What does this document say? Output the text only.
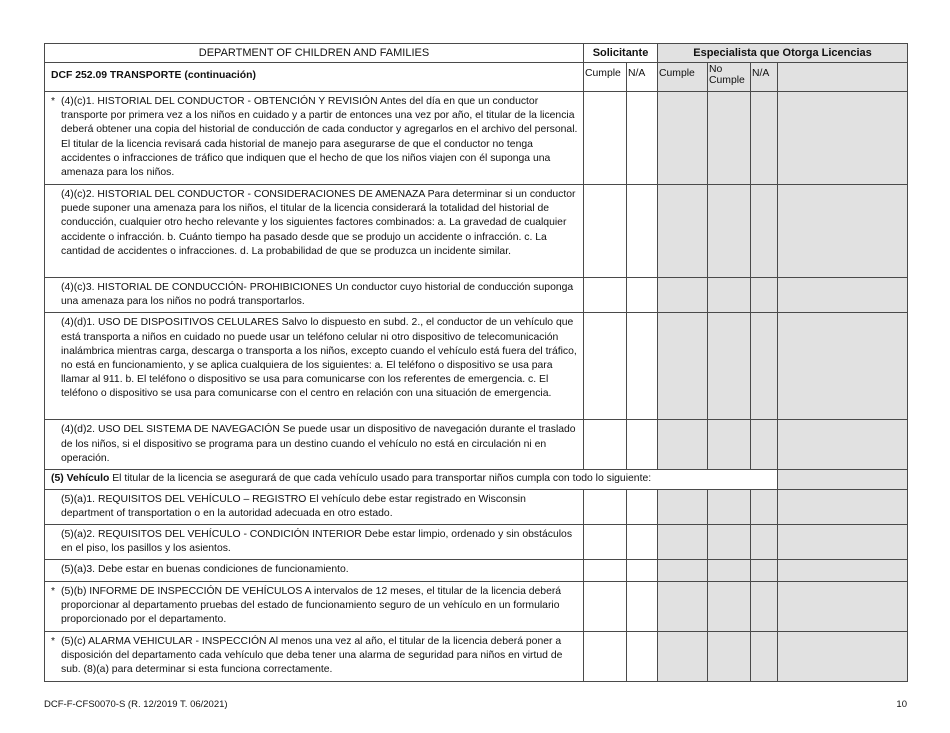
DEPARTMENT OF CHILDREN AND FAMILIES	Solicitante		Especialista que Otorga Licencias			
DCF 252.09 TRANSPORTE (continuación)	Cumple	N/A	Cumple	No Cumple	N/A	

* (4)(c)1. HISTORIAL DEL CONDUCTOR - OBTENCIÓN Y REVISIÓN Antes del día en que un conductor transporte por primera vez a los niños en cuidado y a partir de entonces una vez por año, el titular de la licencia deberá obtener una copia del historial de conducción de cada conductor y agregarlos en el archivo del personal. El titular de la licencia revisará cada historial de manejo para asegurarse de que el conductor no tenga accidentes o infracciones de tráfico que indiquen que el hecho de que los niños viajen con él suponga una amenaza para los niños.						

(4)(c)2. HISTORIAL DEL CONDUCTOR - CONSIDERACIONES DE AMENAZA Para determinar si un conductor puede suponer una amenaza para los niños, el titular de la licencia considerará la totalidad del historial de conducción, cualquier otro hecho relevante y los siguientes factores combinados: a. La gravedad de cualquier accidente o infracción. b. Cuánto tiempo ha pasado desde que se produjo un accidente o infracción. c. La cantidad de accidentes o infracciones. d. La probabilidad de que se produzca un incidente similar.						

(4)(c)3. HISTORIAL DE CONDUCCIÓN- PROHIBICIONES Un conductor cuyo historial de conducción suponga una amenaza para los niños no podrá transportarlos.						

(4)(d)1. USO DE DISPOSITIVOS CELULARES Salvo lo dispuesto en subd. 2., el conductor de un vehículo que está transporta a niños en cuidado no puede usar un teléfono celular ni otro dispositivo de telecomunicación inalámbrica mientras carga, descarga o transporta a los niños, excepto cuando el vehículo está fuera del tráfico, no está en funcionamiento, y se aplica cualquiera de los siguientes: a. El teléfono o dispositivo se usa para llamar al 911. b. El teléfono o dispositivo se usa para comunicarse con los referentes de emergencia. c. El teléfono o dispositivo se usa para comunicarse con el centro en relación con una situación de emergencia.						

(4)(d)2. USO DEL SISTEMA DE NAVEGACIÓN Se puede usar un dispositivo de navegación durante el traslado de los niños, si el dispositivo se programa para un destino cuando el vehículo no está en circulación ni en operación.						
(5) Vehículo El titular de la licencia se asegurará de que cada vehículo usado para transportar niños cumpla con todo lo siguiente:						

(5)(a)1. REQUISITOS DEL VEHÍCULO – REGISTRO El vehículo debe estar registrado en Wisconsin department of transportation o en la autoridad adecuada en otro estado.						

(5)(a)2. REQUISITOS DEL VEHÍCULO - CONDICIÓN INTERIOR Debe estar limpio, ordenado y sin obstáculos en el piso, los pasillos y los asientos.						

(5)(a)3. Debe estar en buenas condiciones de funcionamiento.						

* (5)(b) INFORME DE INSPECCIÓN DE VEHÍCULOS A intervalos de 12 meses, el titular de la licencia deberá proporcionar al departamento pruebas del estado de funcionamiento seguro de un vehículo en un formulario proporcionado por el departamento.						

* (5)(c) ALARMA VEHICULAR - INSPECCIÓN Al menos una vez al año, el titular de la licencia deberá poner a disposición del departamento cada vehículo que deba tener una alarma de seguridad para niños en virtud de sub. (8)(a) para determinar si esta funciona correctamente.						
DCF-F-CFS0070-S (R. 12/2019 T. 06/2021)	10
